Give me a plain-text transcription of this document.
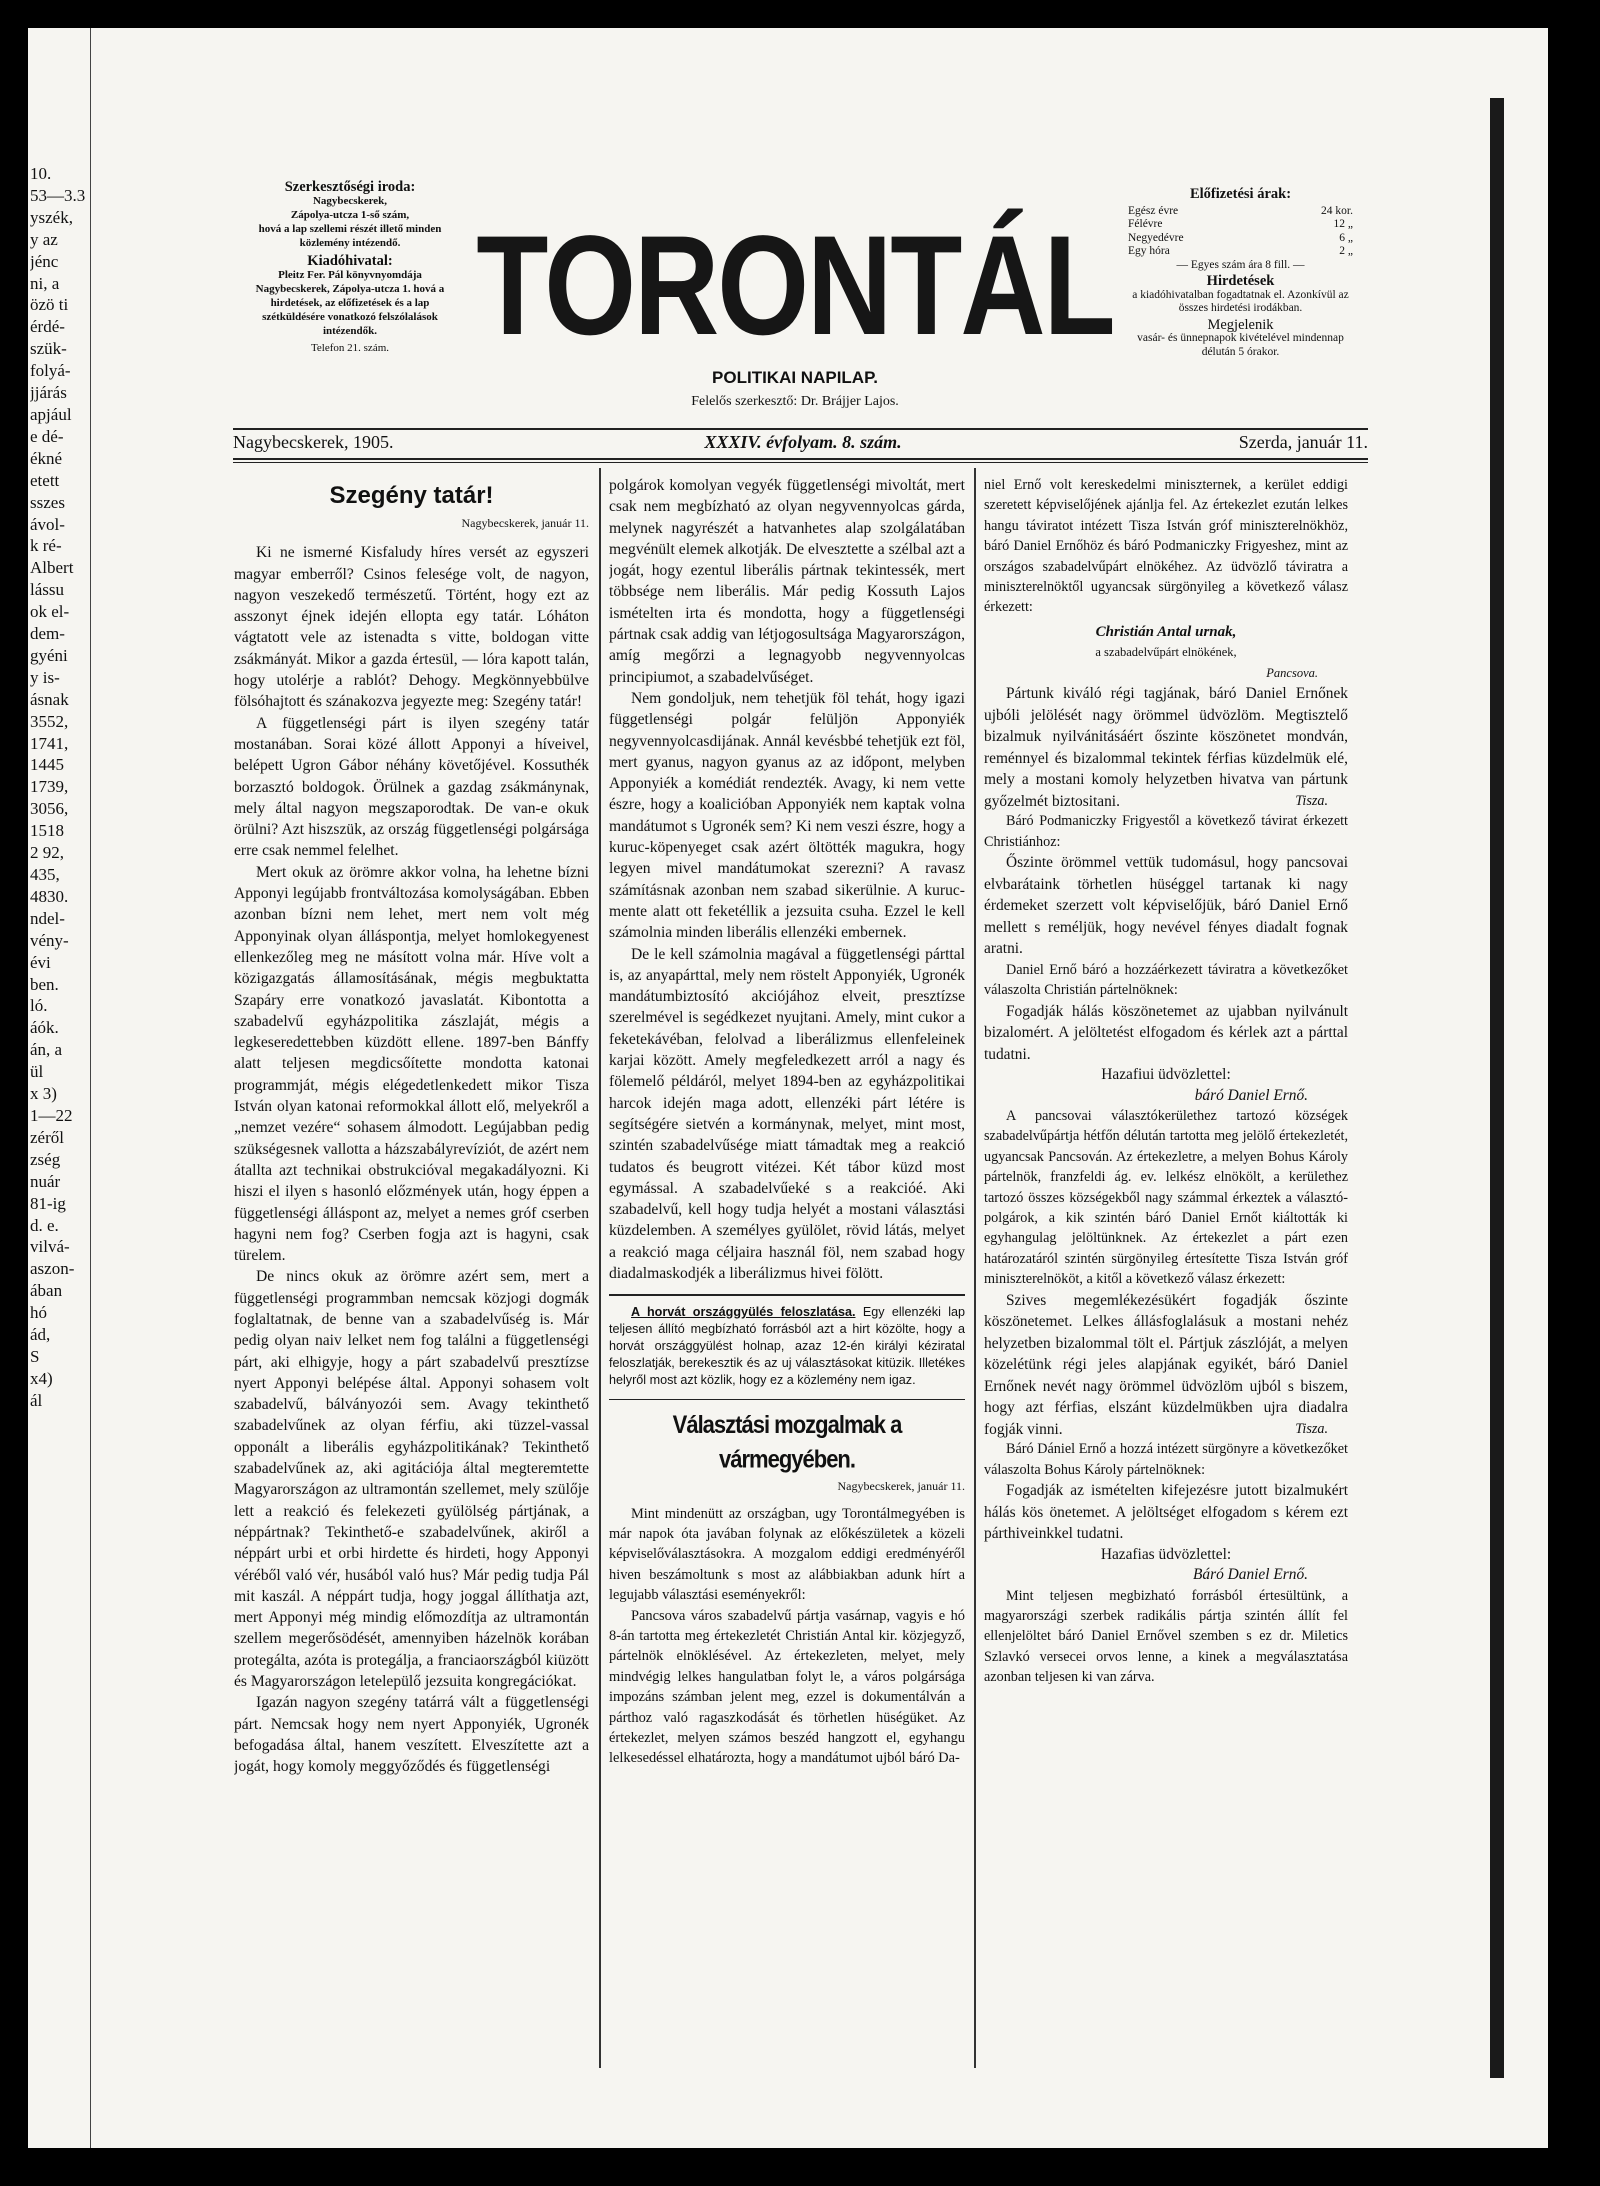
10.
53—3.3
yszék,
y az
jénc
ni, a
özö ti
érdé-
szük-
folyá-
jjárás
apjául
e dé-
ékné
etett
sszes
ávol-
k ré-
Albert
lássu
ok el-
dem-
gyéni
y is-
ásnak
3552,
1741,
1445
1739,
3056,
1518
2 92,
435,
4830.
ndel-
vény-
évi
ben.
ló.
áók.
án, a
ül
x 3)
1—22
zéről
zség
nuár
81-ig
d. e.
vilvá-
aszon-
ában
hó
ád,
S
x4)
ál
Szerkesztőségi iroda:
Nagybecskerek,
Zápolya-utcza 1-ső szám,
hová a lap szellemi részét illető minden közlemény intézendő.
Kiadóhivatal:
Pleitz Fer. Pál könyvnyomdája Nagybecskerek, Zápolya-utcza 1. hová a hirdetések, az előfizetések és a lap szétküldésére vonatkozó felszólalások intézendők.
Telefon 21. szám. TORONTÁL
POLITIKAI NAPILAP.
Felelős szerkesztő: Dr. Brájjer Lajos.
Előfizetési árak:
Egész évre	24 kor.
Félévre	12 „
Negyedévre	6 „
Egy hóra	2 „
— Egyes szám ára 8 fill. —
Hirdetések
a kiadóhivatalban fogadtatnak el. Azonkívül az összes hirdetési irodákban.
Megjelenik
vasár- és ünnepnapok kivételével mindennap délután 5 órakor.
Nagybecskerek, 1905.	XXXIV. évfolyam. 8. szám.	Szerda, január 11.
Szegény tatár!

Nagybecskerek, január 11.

Ki ne ismerné Kisfaludy híres versét az egyszeri magyar emberről? Csinos felesége volt, de nagyon, nagyon veszekedő természetű. Történt, hogy ezt az asszonyt éjnek idején ellopta egy tatár. Lóháton vágtatott vele az istenadta s vitte, boldogan vitte zsákmányát. Mikor a gazda értesül, — lóra kapott talán, hogy utolérje a rablót? Dehogy. Megkönnyebbülve fölsóhajtott és szánakozva jegyezte meg: Szegény tatár!

A függetlenségi párt is ilyen szegény tatár mostanában. Sorai közé állott Apponyi a híveivel, belépett Ugron Gábor néhány követőjével. Kossuthék borzasztó boldogok. Örülnek a gazdag zsákmánynak, mely által nagyon megszaporodtak. De van-e okuk örülni? Azt hiszszük, az ország függetlenségi polgársága erre csak nemmel felelhet.

Mert okuk az örömre akkor volna, ha lehetne bízni Apponyi legújabb frontváltozása komolyságában. Ebben azonban bízni nem lehet, mert nem volt még Apponyinak olyan álláspontja, melyet homlokegyenest ellenkezőleg meg ne másított volna már. Híve volt a közigazgatás államosításának, mégis megbuktatta Szapáry erre vonatkozó javaslatát. Kibontotta a szabadelvű egyházpolitika zászlaját, mégis a legkeseredettebben küzdött ellene. 1897-ben Bánffy alatt teljesen megdicsőítette mondotta katonai programmját, mégis elégedetlenkedett mikor Tisza István olyan katonai reformokkal állott elő, melyekről a „nemzet vezére“ sohasem álmodott. Legújabban pedig szükségesnek vallotta a házszabályrevíziót, de azért nem átallta azt technikai obstrukcióval megakadályozni. Ki hiszi el ilyen s hasonló előzmények után, hogy éppen a függetlenségi álláspont az, melyet a nemes gróf cserben hagyni nem fog? Cserben fogja azt is hagyni, csak türelem.

De nincs okuk az örömre azért sem, mert a függetlenségi programmban nemcsak közjogi dogmák foglaltatnak, de benne van a szabadelvűség is. Már pedig olyan naiv lelket nem fog találni a függetlenségi párt, aki elhigyje, hogy a párt szabadelvű presztízse nyert Apponyi belépése által. Apponyi sohasem volt szabadelvű, bálványozói sem. Avagy tekinthető szabadelvűnek az olyan férfiu, aki tüzzel-vassal opponált a liberális egyházpolitikának? Tekinthető szabadelvűnek az, aki agitációja által megteremtette Magyarországon az ultramontán szellemet, mely szülője lett a reakció és felekezeti gyülölség pártjának, a néppártnak? Tekinthető-e szabadelvűnek, akiről a néppárt urbi et orbi hirdette és hirdeti, hogy Apponyi véréből való vér, husából való hus? Már pedig tudja Pál mit kaszál. A néppárt tudja, hogy joggal állíthatja azt, mert Apponyi még mindig előmozdítja az ultramontán szellem megerősödését, amennyiben házelnök korában protegálta, azóta is protegálja, a franciaországból kiüzött és Magyarországon letelepülő jezsuita kongregációkat.

Igazán nagyon szegény tatárrá vált a függetlenségi párt. Nemcsak hogy nem nyert Apponyiék, Ugronék befogadása által, hanem veszített. Elveszítette azt a jogát, hogy komoly meggyőződés és függetlenségi

polgárok komolyan vegyék függetlenségi mivoltát, mert csak nem megbízható az olyan negyvennyolcas gárda, melynek nagyrészét a hatvanhetes alap szolgálatában megvénült elemek alkotják. De elvesztette a szélbal azt a jogát, hogy ezentul liberális pártnak tekintessék, mert többsége nem liberális. Már pedig Kossuth Lajos ismételten irta és mondotta, hogy a függetlenségi pártnak csak addig van létjogosultsága Magyarországon, amíg megőrzi a legnagyobb negyvennyolcas principiumot, a szabadelvűséget.

Nem gondoljuk, nem tehetjük föl tehát, hogy igazi függetlenségi polgár felüljön Apponyiék negyvennyolcasdijának. Annál kevésbbé tehetjük ezt föl, mert gyanus, nagyon gyanus az az időpont, melyben Apponyiék a komédiát rendezték. Avagy, ki nem vette észre, hogy a koalicióban Apponyiék nem kaptak volna mandátumot s Ugronék sem? Ki nem veszi észre, hogy a kuruc-köpenyeget csak azért öltötték magukra, hogy legyen mivel mandátumokat szerezni? A ravasz számításnak azonban nem szabad sikerülnie. A kuruc-mente alatt ott feketéllik a jezsuita csuha. Ezzel le kell számolnia minden liberális ellenzéki embernek.

De le kell számolnia magával a függetlenségi párttal is, az anyapárttal, mely nem röstelt Apponyiék, Ugronék mandátumbiztosító akciójához elveit, presztízse szerelmével is segédkezet nyujtani. Amely, mint cukor a feketekávéban, felolvad a liberálizmus ellenfeleinek karjai között. Amely megfeledkezett arról a nagy és fölemelő példáról, melyet 1894-ben az egyházpolitikai harcok idején maga adott, ellenzéki párt létére is segítségére sietvén a kormánynak, melyet, mint most, szintén szabadelvűsége miatt támadtak meg a reakció tudatos és beugrott vitézei. Két tábor küzd most egymással. A szabadelvűeké s a reakcióé. Aki szabadelvű, kell hogy tudja helyét a mostani választási küzdelemben. A személyes gyülölet, rövid látás, melyet a reakció maga céljaira használ föl, nem szabad hogy diadalmaskodjék a liberálizmus hivei fölött.

A horvát országgyülés feloszlatása. Egy ellenzéki lap teljesen állító megbízható forrásból azt a hirt közölte, hogy a horvát országgyülést holnap, azaz 12-én királyi kéziratal feloszlatják, berekesztik és az uj választásokat kitüzik. Illetékes helyről most azt közlik, hogy ez a közlemény nem igaz.
Választási mozgalmak a vármegyében.

Nagybecskerek, január 11.

Mint mindenütt az országban, ugy Torontálmegyében is már napok óta javában folynak az előkészületek a közeli képviselőválasztásokra. A mozgalom eddigi eredményéről hiven beszámoltunk s most az alábbiakban adunk hírt a legujabb választási eseményekről:

Pancsova város szabadelvű pártja vasárnap, vagyis e hó 8-án tartotta meg értekezletét Christián Antal kir. közjegyző, pártelnök elnöklésével. Az értekezleten, melyet, mely mindvégig lelkes hangulatban folyt le, a város polgársága impozáns számban jelent meg, ezzel is dokumentálván a párthoz való ragaszkodását és törhetlen hüségüket. Az értekezlet, melyen számos beszéd hangzott el, egyhangu lelkesedéssel elhatározta, hogy a mandátumot ujból báró Da-

niel Ernő volt kereskedelmi miniszternek, a kerület eddigi szeretett képviselőjének ajánlja fel. Az értekezlet ezután lelkes hangu táviratot intézett Tisza István gróf miniszterelnökhöz, báró Daniel Ernőhöz és báró Podmaniczky Frigyeshez, mint az országos szabadelvűpárt elnökéhez. Az üdvözlő táviratra a miniszterelnöktől ugyancsak sürgönyileg a következő válasz érkezett:

Christián Antal urnak,
a szabadelvűpárt elnökének,
Pancsova.

Pártunk kiváló régi tagjának, báró Daniel Ernőnek ujbóli jelölését nagy örömmel üdvözlöm. Megtisztelő bizalmuk nyilvánitásáért őszinte köszönetet mondván, reménnyel és bizalommal tekintek férfias küzdelmük elé, mely a mostani komoly helyzetben hivatva van pártunk győzelmét biztositani.	Tisza.

Báró Podmaniczky Frigyestől a következő távirat érkezett Christiánhoz:

Őszinte örömmel vettük tudomásul, hogy pancsovai elvbarátaink törhetlen hüséggel tartanak ki nagy érdemeket szerzett volt képviselőjük, báró Daniel Ernő mellett s reméljük, hogy nevével fényes diadalt fognak aratni.

Daniel Ernő báró a hozzáérkezett táviratra a következőket válaszolta Christián pártelnöknek:

Fogadják hálás köszönetemet az ujabban nyilvánult bizalomért. A jelöltetést elfogadom és kérlek azt a párttal tudatni.

Hazafiui üdvözlettel:
báró Daniel Ernő.

A pancsovai választókerülethez tartozó községek szabadelvűpártja hétfőn délután tartotta meg jelölő értekezletét, ugyancsak Pancsován. Az értekezletre, a melyen Bohus Károly pártelnök, franzfeldi ág. ev. lelkész elnökölt, a kerülethez tartozó összes községekből nagy számmal érkeztek a választó-polgárok, a kik szintén báró Daniel Ernőt kiáltották ki egyhangulag jelöltünknek. Az értekezlet a párt ezen határozatáról szintén sürgönyileg értesítette Tisza István gróf miniszterelnököt, a kitől a következő válasz érkezett:

Szives megemlékezésükért fogadják őszinte köszönetemet. Lelkes állásfoglalásuk a mostani nehéz helyzetben bizalommal tölt el. Pártjuk zászlóját, a melyen közelétünk régi jeles alapjának egyikét, báró Daniel Ernőnek nevét nagy örömmel üdvözlöm ujból s biszem, hogy azt férfias, elszánt küzdelmükben ujra diadalra fogják vinni.	Tisza.

Báró Dániel Ernő a hozzá intézett sürgönyre a következőket válaszolta Bohus Károly pártelnöknek:

Fogadják az ismételten kifejezésre jutott bizalmukért hálás kös önetemet. A jelöltséget elfogadom s kérem ezt párthiveinkkel tudatni.

Hazafias üdvözlettel:
Báró Daniel Ernő.

Mint teljesen megbizható forrásból értesültünk, a magyarországi szerbek radikális pártja szintén állít fel ellenjelöltet báró Daniel Ernővel szemben s ez dr. Miletics Szlavkó versecei orvos lenne, a kinek a megválasztatása azonban teljesen ki van zárva.
